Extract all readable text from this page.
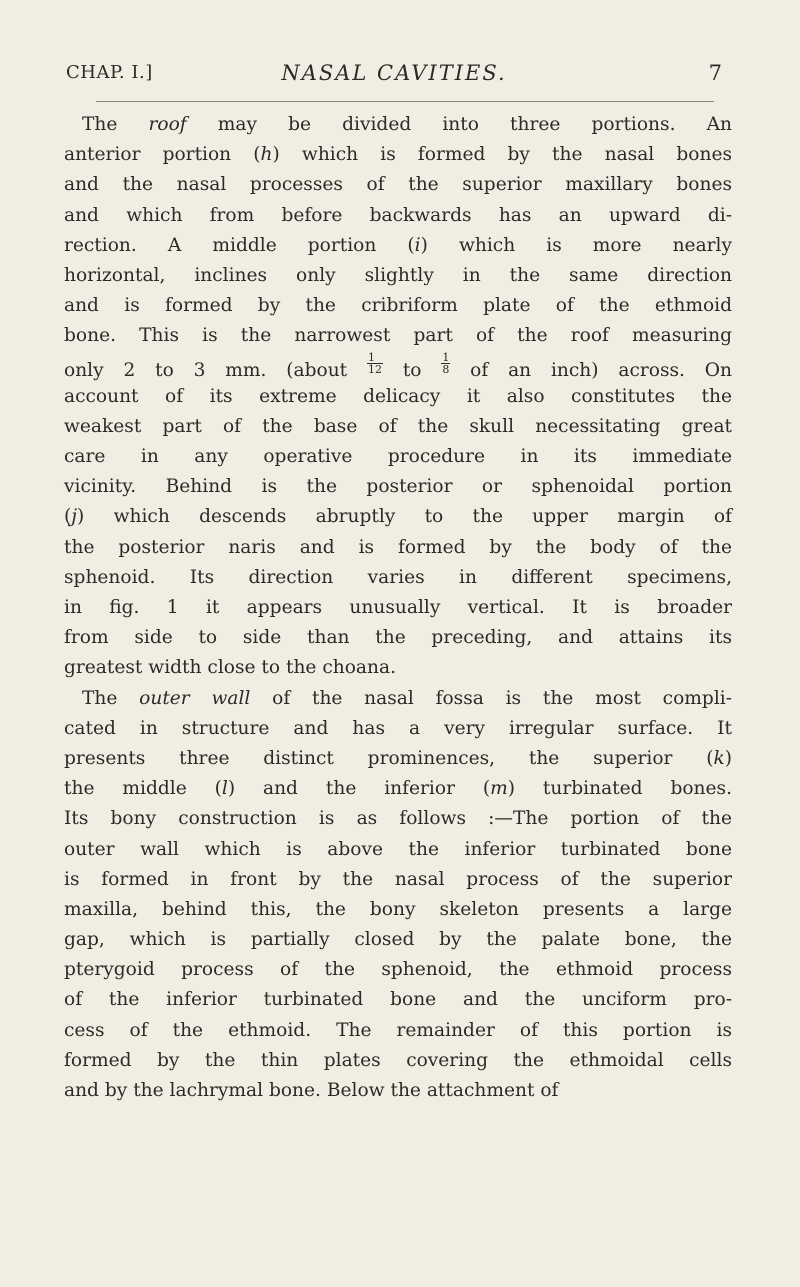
CHAP. I.]	NASAL CAVITIES.	7
The roof may be divided into three portions. An
anterior portion (h) which is formed by the nasal bones
and the nasal processes of the superior maxillary bones
and which from before backwards has an upward di-
rection. A middle portion (i) which is more nearly
horizontal, inclines only slightly in the same direction
and is formed by the cribriform plate of the ethmoid
bone. This is the narrowest part of the roof measuring
only 2 to 3 mm. (about $\frac{1}{12}$ to $\frac{1}{8}$ of an inch) across. On
account of its extreme delicacy it also constitutes the
weakest part of the base of the skull necessitating great
care in any operative procedure in its immediate
vicinity. Behind is the posterior or sphenoidal portion
(j) which descends abruptly to the upper margin of
the posterior naris and is formed by the body of the
sphenoid. Its direction varies in different specimens,
in fig. 1 it appears unusually vertical. It is broader
from side to side than the preceding, and attains its
greatest width close to the choana.
The outer wall of the nasal fossa is the most compli-
cated in structure and has a very irregular surface. It
presents three distinct prominences, the superior (k)
the middle (l) and the inferior (m) turbinated bones.
Its bony construction is as follows :—The portion of the
outer wall which is above the inferior turbinated bone
is formed in front by the nasal process of the superior
maxilla, behind this, the bony skeleton presents a large
gap, which is partially closed by the palate bone, the
pterygoid process of the sphenoid, the ethmoid process
of the inferior turbinated bone and the unciform pro-
cess of the ethmoid. The remainder of this portion is
formed by the thin plates covering the ethmoidal cells
and by the lachrymal bone. Below the attachment of
